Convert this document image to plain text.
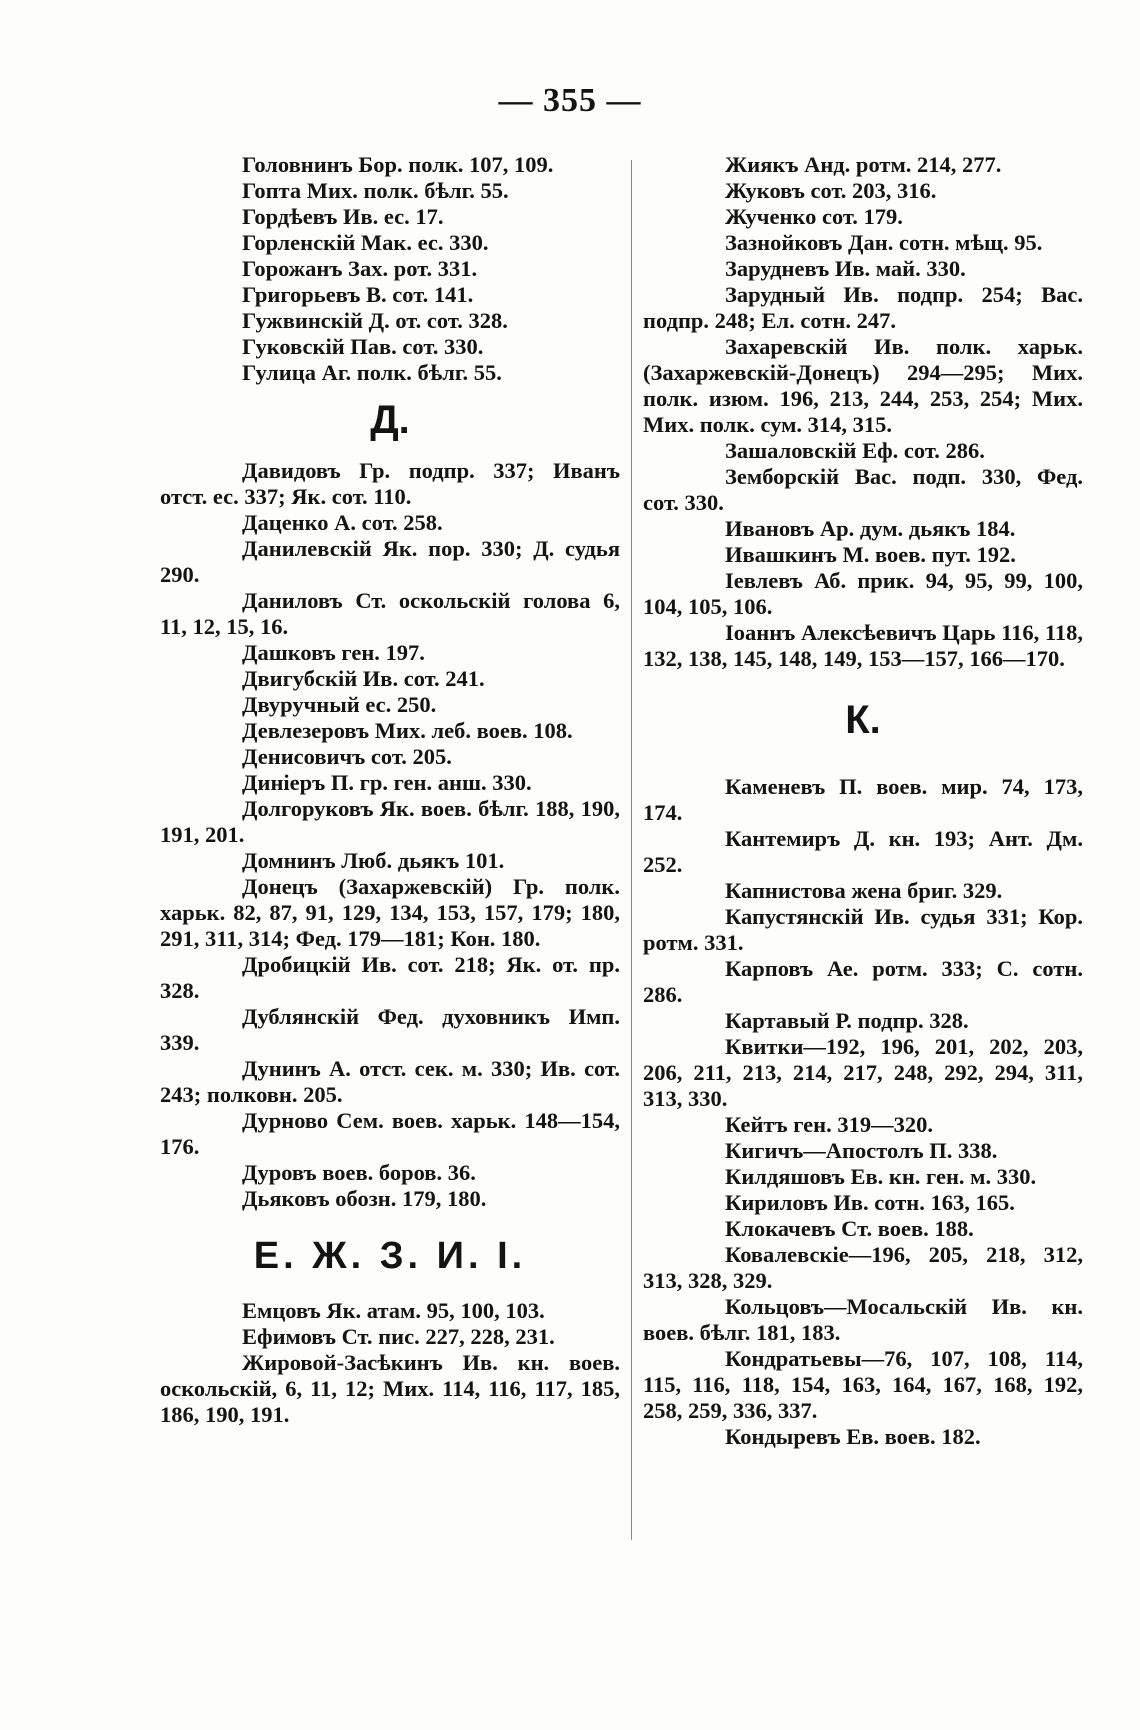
— 355 —

Головнинъ Бор. полк. 107, 109.

Гопта Мих. полк. бѣлг. 55.

Гордѣевъ Ив. ес. 17.

Горленскій Мак. ес. 330.

Горожанъ Зах. рот. 331.

Григорьевъ В. сот. 141.

Гужвинскій Д. от. сот. 328.

Гуковскій Пав. сот. 330.

Гулица Аг. полк. бѣлг. 55.

Д.

Давидовъ Гр. подпр. 337; Иванъ отст. ес. 337; Як. сот. 110.

Даценко А. сот. 258.

Данилевскій Як. пор. 330; Д. судья 290.

Даниловъ Ст. оскольскій голова 6, 11, 12, 15, 16.

Дашковъ ген. 197.

Двигубскій Ив. сот. 241.

Двуручный ес. 250.

Девлезеровъ Мих. леб. воев. 108.

Денисовичъ сот. 205.

Диніеръ П. гр. ген. анш. 330.

Долгоруковъ Як. воев. бѣлг. 188, 190, 191, 201.

Домнинъ Люб. дьякъ 101.

Донецъ (Захаржевскій) Гр. полк. харьк. 82, 87, 91, 129, 134, 153, 157, 179; 180, 291, 311, 314; Фед. 179—181; Кон. 180.

Дробицкій Ив. сот. 218; Як. от. пр. 328.

Дублянскій Фед. духовникъ Имп. 339.

Дунинъ А. отст. сек. м. 330; Ив. сот. 243; полковн. 205.

Дурново Сем. воев. харьк. 148—154, 176.

Дуровъ воев. боров. 36.

Дьяковъ обозн. 179, 180.

Е. Ж. З. И. І.

Емцовъ Як. атам. 95, 100, 103.

Ефимовъ Ст. пис. 227, 228, 231.

Жировой-Засѣкинъ Ив. кн. воев. оскольскій, 6, 11, 12; Мих. 114, 116, 117, 185, 186, 190, 191.

Жиякъ Анд. ротм. 214, 277.

Жуковъ сот. 203, 316.

Жученко сот. 179.

Зазнойковъ Дан. сотн. мѣщ. 95.

Зарудневъ Ив. май. 330.

Зарудный Ив. подпр. 254; Вас. подпр. 248; Ел. сотн. 247.

Захаревскій Ив. полк. харьк. (Захаржевскій-Донецъ) 294—295; Мих. полк. изюм. 196, 213, 244, 253, 254; Мих. Мих. полк. сум. 314, 315.

Зашаловскій Еф. сот. 286.

Земборскій Вас. подп. 330, Фед. сот. 330.

Ивановъ Ар. дум. дьякъ 184.

Ивашкинъ М. воев. пут. 192.

Іевлевъ Аб. прик. 94, 95, 99, 100, 104, 105, 106.

Іоаннъ Алексѣевичъ Царь 116, 118, 132, 138, 145, 148, 149, 153—157, 166—170.

К.

Каменевъ П. воев. мир. 74, 173, 174.

Кантемиръ Д. кн. 193; Ант. Дм. 252.

Капнистова жена бриг. 329.

Капустянскій Ив. судья 331; Кор. ротм. 331.

Карповъ Ае. ротм. 333; С. сотн. 286.

Картавый Р. подпр. 328.

Квитки—192, 196, 201, 202, 203, 206, 211, 213, 214, 217, 248, 292, 294, 311, 313, 330.

Кейтъ ген. 319—320.

Кигичъ—Апостолъ П. 338.

Килдяшовъ Ев. кн. ген. м. 330.

Кириловъ Ив. сотн. 163, 165.

Клокачевъ Ст. воев. 188.

Ковалевскіе—196, 205, 218, 312, 313, 328, 329.

Кольцовъ—Мосальскій Ив. кн. воев. бѣлг. 181, 183.

Кондратьевы—76, 107, 108, 114, 115, 116, 118, 154, 163, 164, 167, 168, 192, 258, 259, 336, 337.

Кондыревъ Ев. воев. 182.
